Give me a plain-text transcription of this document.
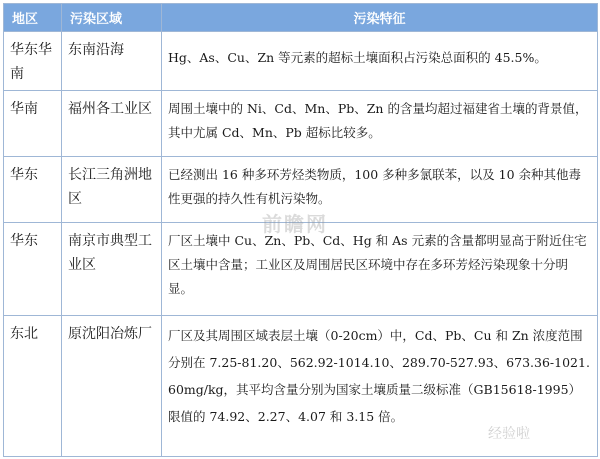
地区	污染区域	污染特征
华东华南	东南沿海	Hg、As、Cu、Zn 等元素的超标土壤面积占污染总面积的 45.5%。
华南	福州各工业区	周围土壤中的 Ni、Cd、Mn、Pb、Zn 的含量均超过福建省土壤的背景值，其中尤属 Cd、Mn、Pb 超标比较多。
华东	长江三角洲地区	已经测出 16 种多环芳烃类物质，100 多种多氯联苯，以及 10 余种其他毒性更强的持久性有机污染物。
华东	南京市典型工业区	厂区土壤中 Cu、Zn、Pb、Cd、Hg 和 As 元素的含量都明显高于附近住宅区土壤中含量；工业区及周围居民区环境中存在多环芳烃污染现象十分明显。
东北	原沈阳冶炼厂	厂区及其周围区域表层土壤（0-20cm）中，Cd、Pb、Cu 和 Zn 浓度范围分别在 7.25-81.20、562.92-1014.10、289.70-527.93、673.36-1021.60mg/kg，其平均含量分别为国家土壤质量二级标准（GB15618-1995）限值的 74.92、2.27、4.07 和 3.15 倍。
前瞻网
经验啦
